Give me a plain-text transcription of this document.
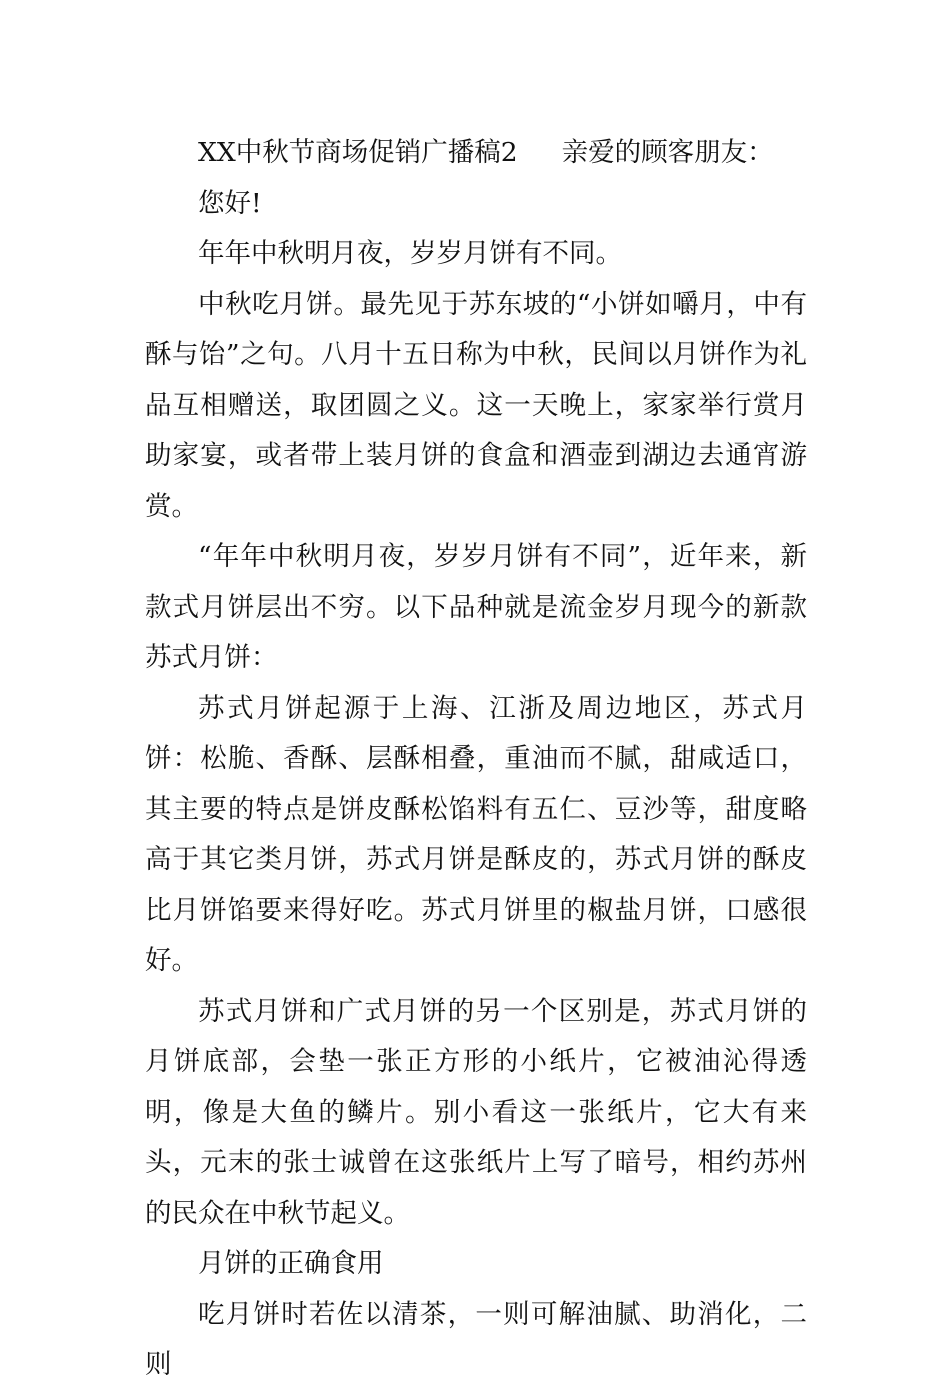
XX中秋节商场促销广播稿2 亲爱的顾客朋友：

您好!

年年中秋明月夜，岁岁月饼有不同。

中秋吃月饼。最先见于苏东坡的“小饼如嚼月，中有酥与饴”之句。八月十五日称为中秋，民间以月饼作为礼品互相赠送，取团圆之义。这一天晚上，家家举行赏月助家宴，或者带上装月饼的食盒和酒壶到湖边去通宵游赏。

“年年中秋明月夜，岁岁月饼有不同”，近年来，新款式月饼层出不穷。以下品种就是流金岁月现今的新款苏式月饼：

苏式月饼起源于上海、江浙及周边地区，苏式月饼：松脆、香酥、层酥相叠，重油而不腻，甜咸适口，其主要的特点是饼皮酥松馅料有五仁、豆沙等，甜度略高于其它类月饼，苏式月饼是酥皮的，苏式月饼的酥皮比月饼馅要来得好吃。苏式月饼里的椒盐月饼，口感很好。

苏式月饼和广式月饼的另一个区别是，苏式月饼的月饼底部，会垫一张正方形的小纸片，它被油沁得透明，像是大鱼的鳞片。别小看这一张纸片，它大有来头，元末的张士诚曾在这张纸片上写了暗号，相约苏州的民众在中秋节起义。

月饼的正确食用

吃月饼时若佐以清茶，一则可解油腻、助消化，二则
